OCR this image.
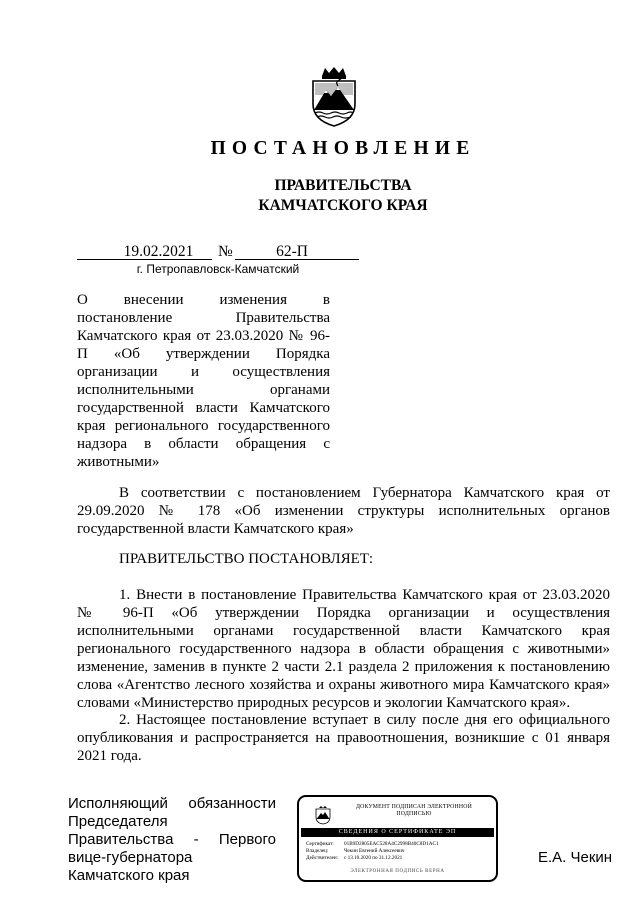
ПОСТАНОВЛЕНИЕ
ПРАВИТЕЛЬСТВА
КАМЧАТСКОГО КРАЯ
19.02.2021	№	62-П
г. Петропавловск-Камчатский
О внесении изменения в постановление Правительства Камчатского края от 23.03.2020 № 96-П «Об утверждении Порядка организации и осуществления исполнительными органами государственной власти Камчатского края регионального государственного надзора в области обращения с животными»
В соответствии с постановлением Губернатора Камчатского края от 29.09.2020 № 178 «Об изменении структуры исполнительных органов государственной власти Камчатского края»
ПРАВИТЕЛЬСТВО ПОСТАНОВЛЯЕТ:
1. Внести в постановление Правительства Камчатского края от 23.03.2020 № 96-П «Об утверждении Порядка организации и осуществления исполнительными органами государственной власти Камчатского края регионального государственного надзора в области обращения с животными» изменение, заменив в пункте 2 части 2.1 раздела 2 приложения к постановлению слова «Агентство лесного хозяйства и охраны животного мира Камчатского края» словами «Министерство природных ресурсов и экологии Камчатского края».
2. Настоящее постановление вступает в силу после дня его официального опубликования и распространяется на правоотношения, возникшие с 01 января 2021 года.
Исполняющий обязанности Председателя Правительства - Первого вице-губернатора Камчатского края
ДОКУМЕНТ ПОДПИСАН ЭЛЕКТРОННОЙ ПОДПИСЬЮ
СВЕДЕНИЯ О СЕРТИФИКАТЕ ЭП
Сертификат: 01B9D2805EAC528A4C2998B40C8D1AC1
Владелец:	Чекин Евгений Алексеевич
Действителен: с 13.10.2020 по 31.12.2021
ЭЛЕКТРОННАЯ ПОДПИСЬ ВЕРНА
Е.А. Чекин
